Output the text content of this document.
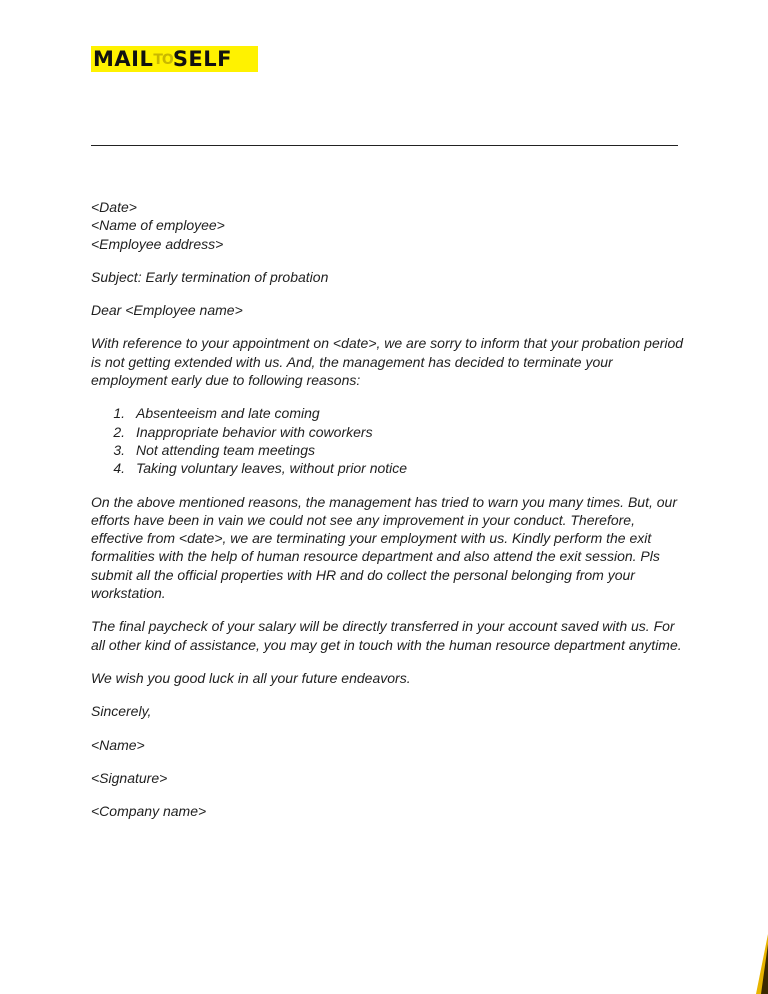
MAILTOSELF
<Date>
<Name of employee>
<Employee address>
Subject: Early termination of probation
Dear <Employee name>
With reference to your appointment on <date>, we are sorry to inform that your probation period
is not getting extended with us. And, the management has decided to terminate your
employment early due to following reasons:
1. Absenteeism and late coming
2. Inappropriate behavior with coworkers
3. Not attending team meetings
4. Taking voluntary leaves, without prior notice
On the above mentioned reasons, the management has tried to warn you many times. But, our
efforts have been in vain we could not see any improvement in your conduct. Therefore,
effective from <date>, we are terminating your employment with us. Kindly perform the exit
formalities with the help of human resource department and also attend the exit session. Pls
submit all the official properties with HR and do collect the personal belonging from your
workstation.
The final paycheck of your salary will be directly transferred in your account saved with us. For
all other kind of assistance, you may get in touch with the human resource department anytime.
We wish you good luck in all your future endeavors.
Sincerely,
<Name>
<Signature>
<Company name>
